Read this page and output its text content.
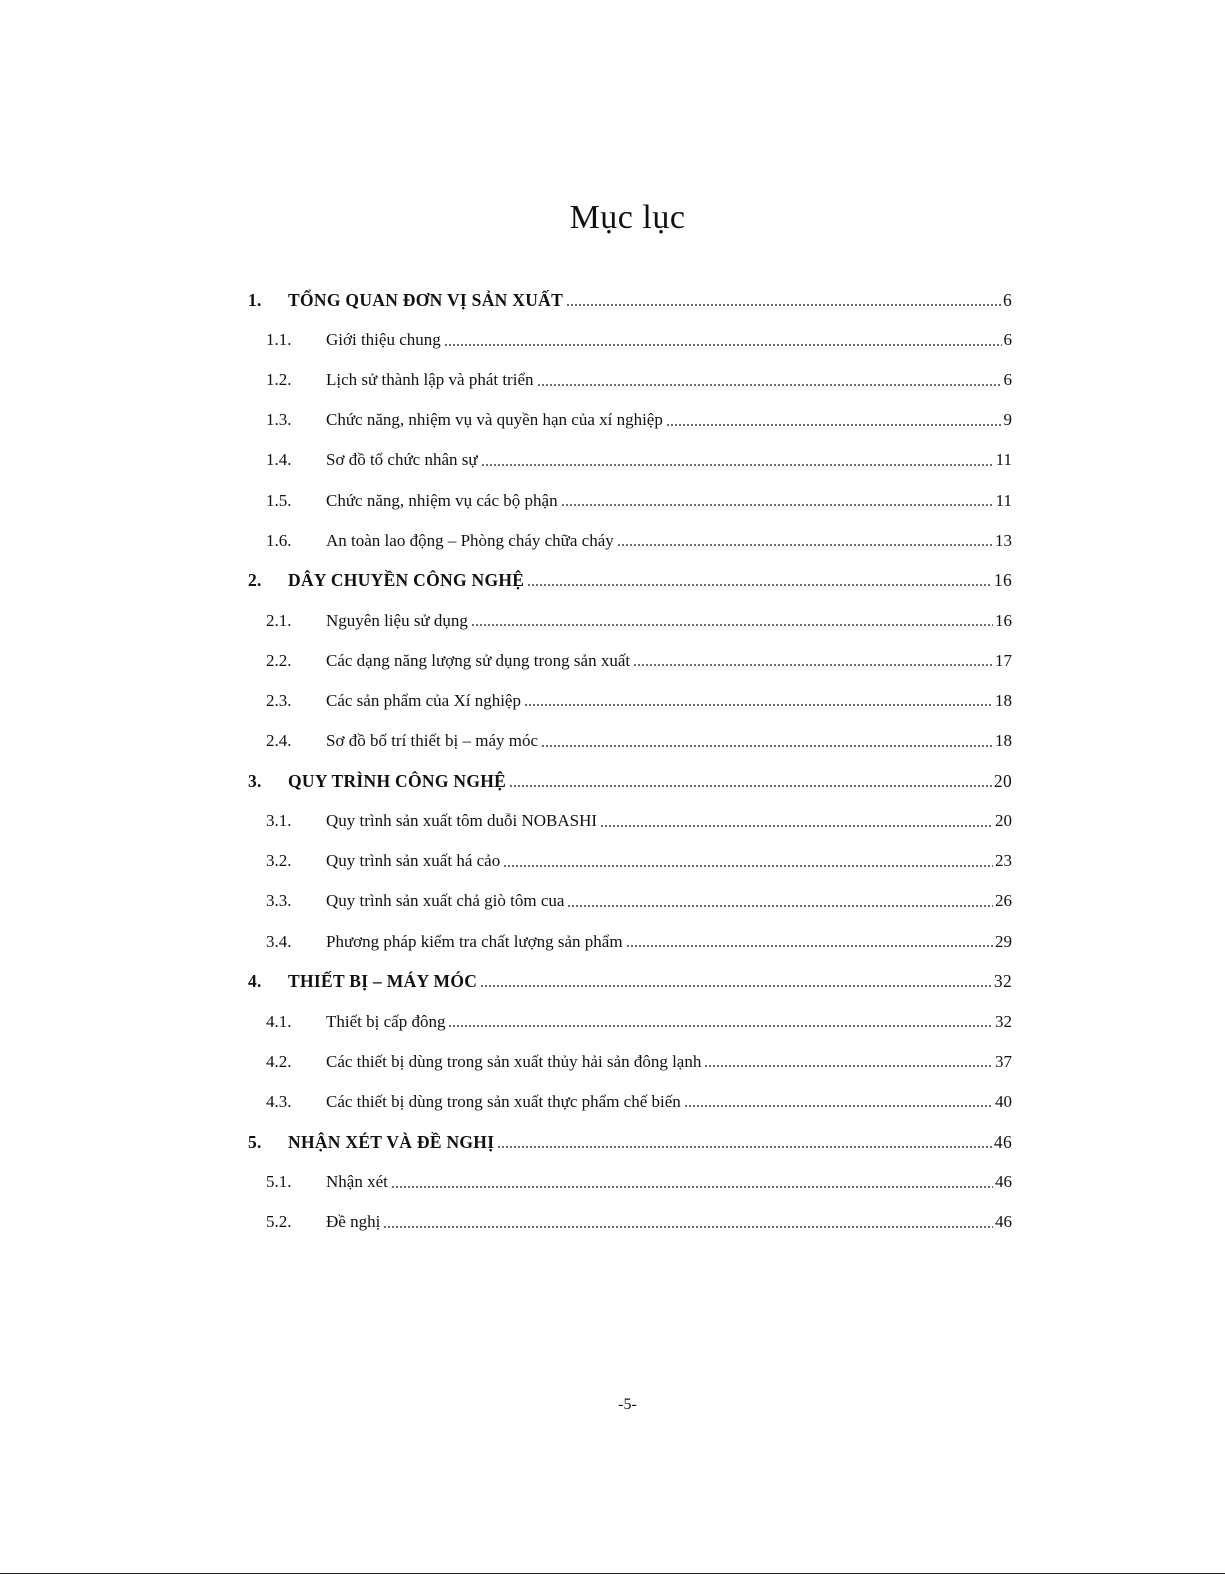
Mục lục
1.	TỔNG QUAN ĐƠN VỊ SẢN XUẤT	6
1.1.	Giới thiệu chung	6
1.2.	Lịch sử thành lập và phát triển	6
1.3.	Chức năng, nhiệm vụ và quyền hạn của xí nghiệp	9
1.4.	Sơ đồ tổ chức nhân sự	11
1.5.	Chức năng, nhiệm vụ các bộ phận	11
1.6.	An toàn lao động – Phòng cháy chữa cháy	13
2.	DÂY CHUYỀN CÔNG NGHỆ	16
2.1.	Nguyên liệu sử dụng	16
2.2.	Các dạng năng lượng sử dụng trong sản xuất	17
2.3.	Các sản phẩm của Xí nghiệp	18
2.4.	Sơ đồ bố trí thiết bị – máy móc	18
3.	QUY TRÌNH CÔNG NGHỆ	20
3.1.	Quy trình sản xuất tôm duỗi NOBASHI	20
3.2.	Quy trình sản xuất há cảo	23
3.3.	Quy trình sản xuất chả giò tôm cua	26
3.4.	Phương pháp kiểm tra chất lượng sản phẩm	29
4.	THIẾT BỊ – MÁY MÓC	32
4.1.	Thiết bị cấp đông	32
4.2.	Các thiết bị dùng trong sản xuất thủy hải sản đông lạnh	37
4.3.	Các thiết bị dùng trong sản xuất thực phẩm chế biến	40
5.	NHẬN XÉT VÀ ĐỀ NGHỊ	46
5.1.	Nhận xét	46
5.2.	Đề nghị	46
-5-
